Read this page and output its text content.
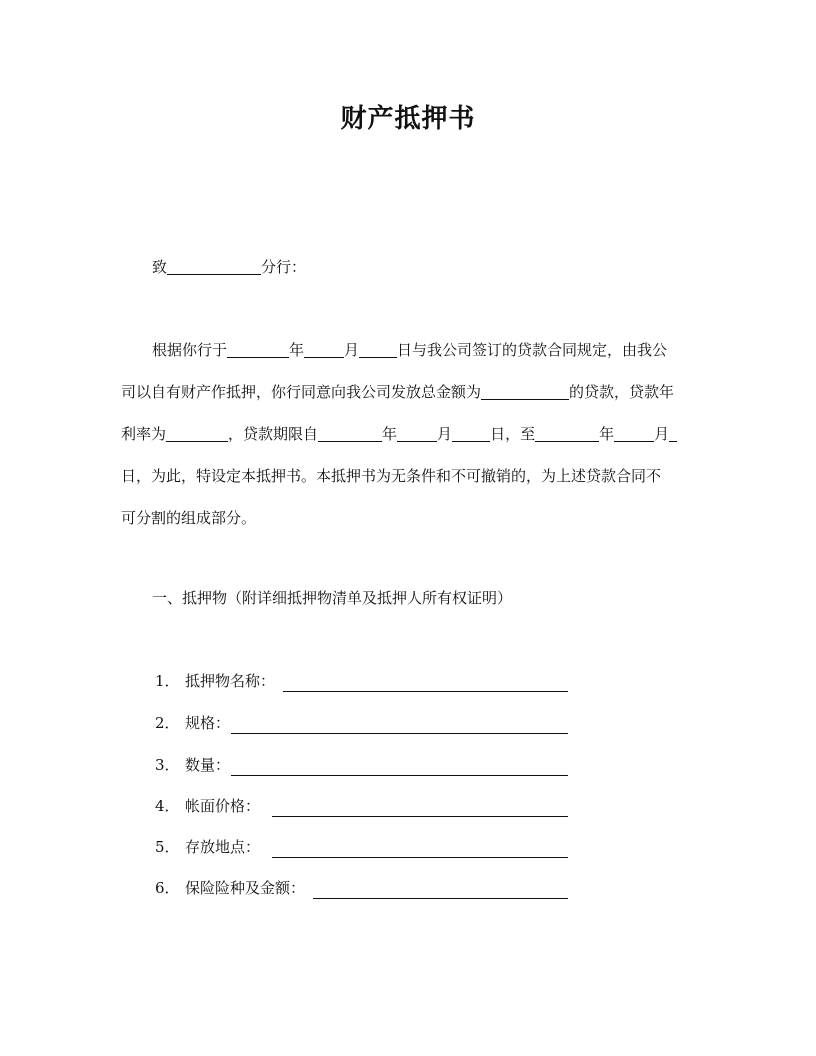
财产抵押书
致	分行：
根据你行于	年	月	日与我公司签订的贷款合同规定，由我公
司以自有财产作抵押，你行同意向我公司发放总金额为	的贷款，贷款年
利率为	，贷款期限自	年	月	日，至	年	月
日，为此，特设定本抵押书。本抵押书为无条件和不可撤销的，为上述贷款合同不
可分割的组成部分。
一、抵押物（附详细抵押物清单及抵押人所有权证明）
1． 抵押物名称：
2． 规格：
3． 数量：
4． 帐面价格：
5． 存放地点：
6． 保险险种及金额：
